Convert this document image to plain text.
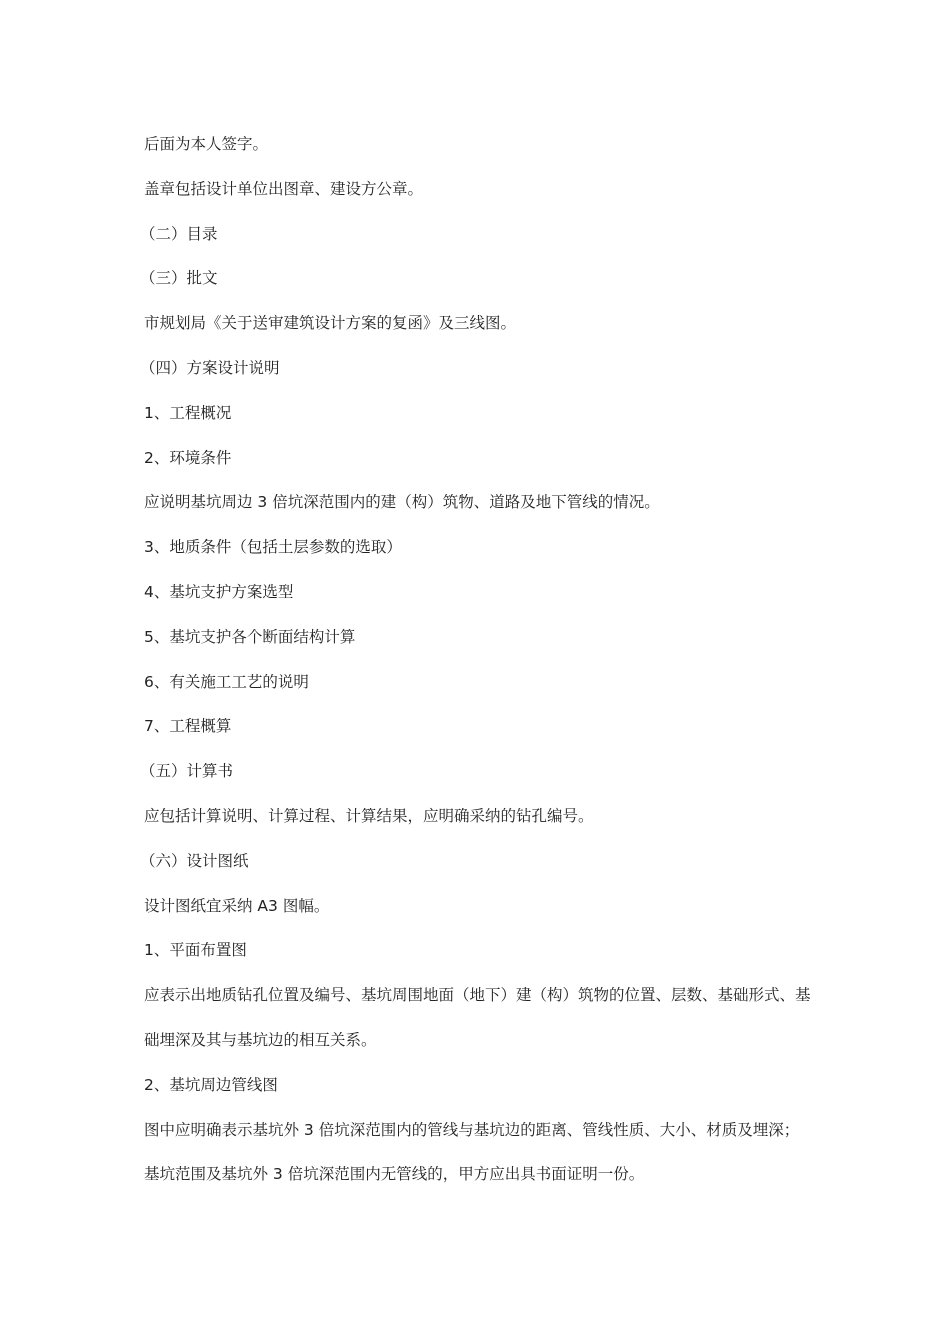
后面为本人签字。

盖章包括设计单位出图章、建设方公章。

（二）目录

（三）批文

市规划局《关于送审建筑设计方案的复函》及三线图。

（四）方案设计说明

1、工程概况

2、环境条件

应说明基坑周边 3 倍坑深范围内的建（构）筑物、道路及地下管线的情况。

3、地质条件（包括土层参数的选取）

4、基坑支护方案选型

5、基坑支护各个断面结构计算

6、有关施工工艺的说明

7、工程概算

（五）计算书

应包括计算说明、计算过程、计算结果，应明确采纳的钻孔编号。

（六）设计图纸

设计图纸宜采纳 A3 图幅。

1、平面布置图

应表示出地质钻孔位置及编号、基坑周围地面（地下）建（构）筑物的位置、层数、基础形式、基础埋深及其与基坑边的相互关系。

2、基坑周边管线图

图中应明确表示基坑外 3 倍坑深范围内的管线与基坑边的距离、管线性质、大小、材质及埋深；基坑范围及基坑外 3 倍坑深范围内无管线的，甲方应出具书面证明一份。
